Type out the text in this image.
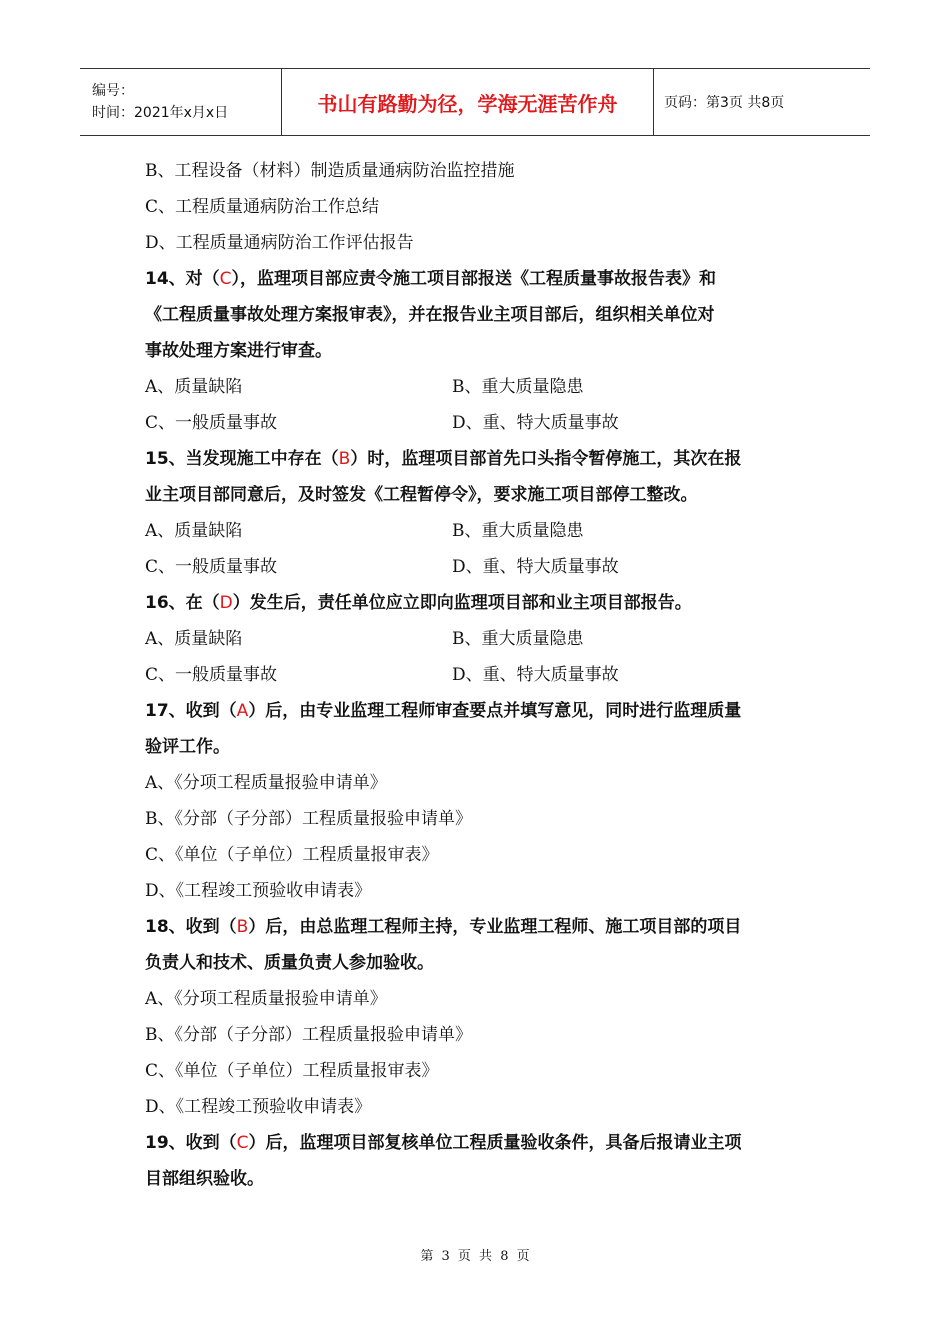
编号：
时间：2021年x月x日	书山有路勤为径，学海无涯苦作舟	页码：第3页 共8页
B、工程设备（材料）制造质量通病防治监控措施
C、工程质量通病防治工作总结
D、工程质量通病防治工作评估报告
14、对（C），监理项目部应责令施工项目部报送《工程质量事故报告表》和
《工程质量事故处理方案报审表》，并在报告业主项目部后，组织相关单位对
事故处理方案进行审查。
A、质量缺陷	B、重大质量隐患
C、一般质量事故	D、重、特大质量事故
15、当发现施工中存在（B）时，监理项目部首先口头指令暂停施工，其次在报
业主项目部同意后，及时签发《工程暂停令》，要求施工项目部停工整改。
A、质量缺陷	B、重大质量隐患
C、一般质量事故	D、重、特大质量事故
16、在（D）发生后，责任单位应立即向监理项目部和业主项目部报告。
A、质量缺陷	B、重大质量隐患
C、一般质量事故	D、重、特大质量事故
17、收到（A）后，由专业监理工程师审查要点并填写意见，同时进行监理质量
验评工作。
A、《分项工程质量报验申请单》
B、《分部（子分部）工程质量报验申请单》
C、《单位（子单位）工程质量报审表》
D、《工程竣工预验收申请表》
18、收到（B）后，由总监理工程师主持，专业监理工程师、施工项目部的项目
负责人和技术、质量负责人参加验收。
A、《分项工程质量报验申请单》
B、《分部（子分部）工程质量报验申请单》
C、《单位（子单位）工程质量报审表》
D、《工程竣工预验收申请表》
19、收到（C）后，监理项目部复核单位工程质量验收条件，具备后报请业主项
目部组织验收。
第 3 页 共 8 页
